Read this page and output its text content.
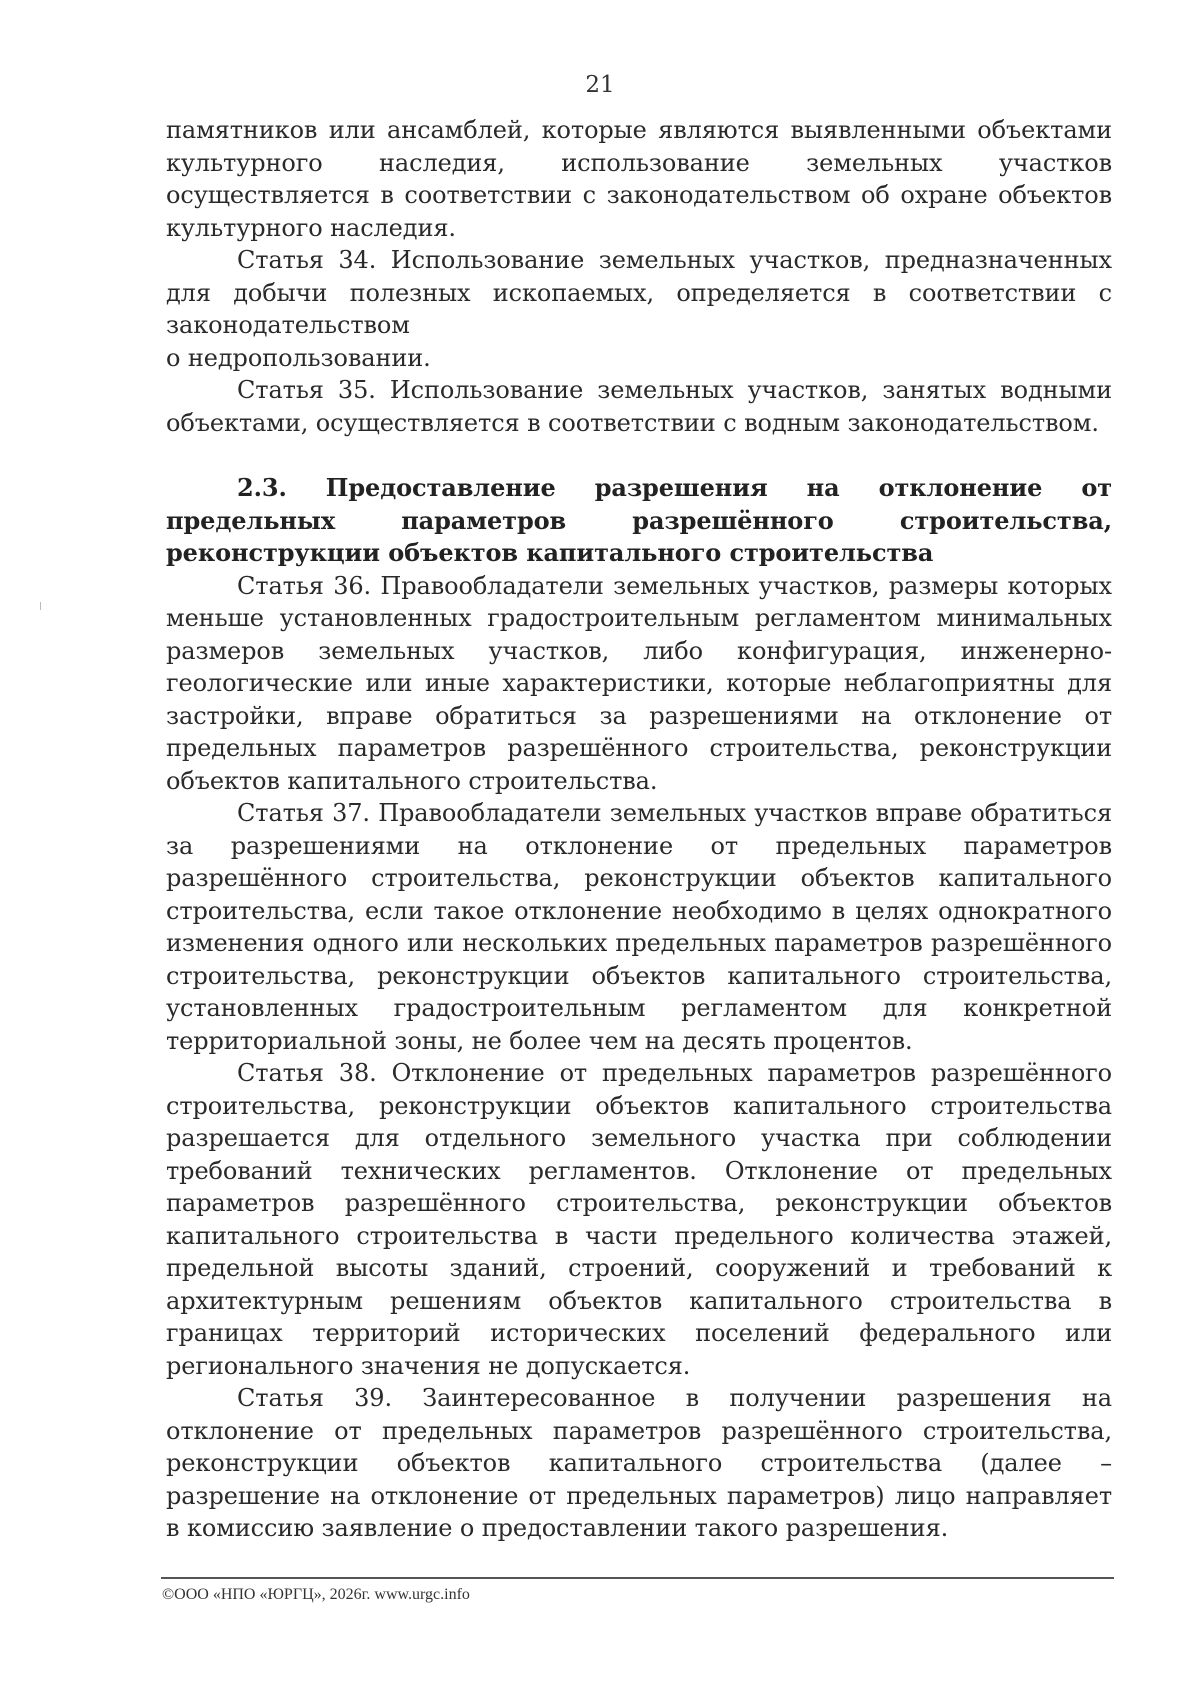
21

памятников или ансамблей, которые являются выявленными объектами культурного наследия, использование земельных участков осуществляется в соответствии с законодательством об охране объектов культурного наследия.

Статья 34. Использование земельных участков, предназначенных для добычи полезных ископаемых, определяется в соответствии с законодательством

о недропользовании.

Статья 35. Использование земельных участков, занятых водными объектами, осуществляется в соответствии с водным законодательством.

2.3. Предоставление разрешения на отклонение от предельных параметров разрешённого строительства, реконструкции объектов капитального строительства

Статья 36. Правообладатели земельных участков, размеры которых меньше установленных градостроительным регламентом минимальных размеров земельных участков, либо конфигурация, инженерно-геологические или иные характеристики, которые неблагоприятны для застройки, вправе обратиться за разрешениями на отклонение от предельных параметров разрешённого строительства, реконструкции объектов капитального строительства.

Статья 37. Правообладатели земельных участков вправе обратиться за разрешениями на отклонение от предельных параметров разрешённого строительства, реконструкции объектов капитального строительства, если такое отклонение необходимо в целях однократного изменения одного или нескольких предельных параметров разрешённого строительства, реконструкции объектов капитального строительства, установленных градостроительным регламентом для конкретной территориальной зоны, не более чем на десять процентов.

Статья 38. Отклонение от предельных параметров разрешённого строительства, реконструкции объектов капитального строительства разрешается для отдельного земельного участка при соблюдении требований технических регламентов. Отклонение от предельных параметров разрешённого строительства, реконструкции объектов капитального строительства в части предельного количества этажей, предельной высоты зданий, строений, сооружений и требований к архитектурным решениям объектов капитального строительства в границах территорий исторических поселений федерального или регионального значения не допускается.

Статья 39. Заинтересованное в получении разрешения на отклонение от предельных параметров разрешённого строительства, реконструкции объектов капитального строительства (далее – разрешение на отклонение от предельных параметров) лицо направляет в комиссию заявление о предоставлении такого разрешения.

©ООО «НПО «ЮРГЦ», 2026г. www.urgc.info
